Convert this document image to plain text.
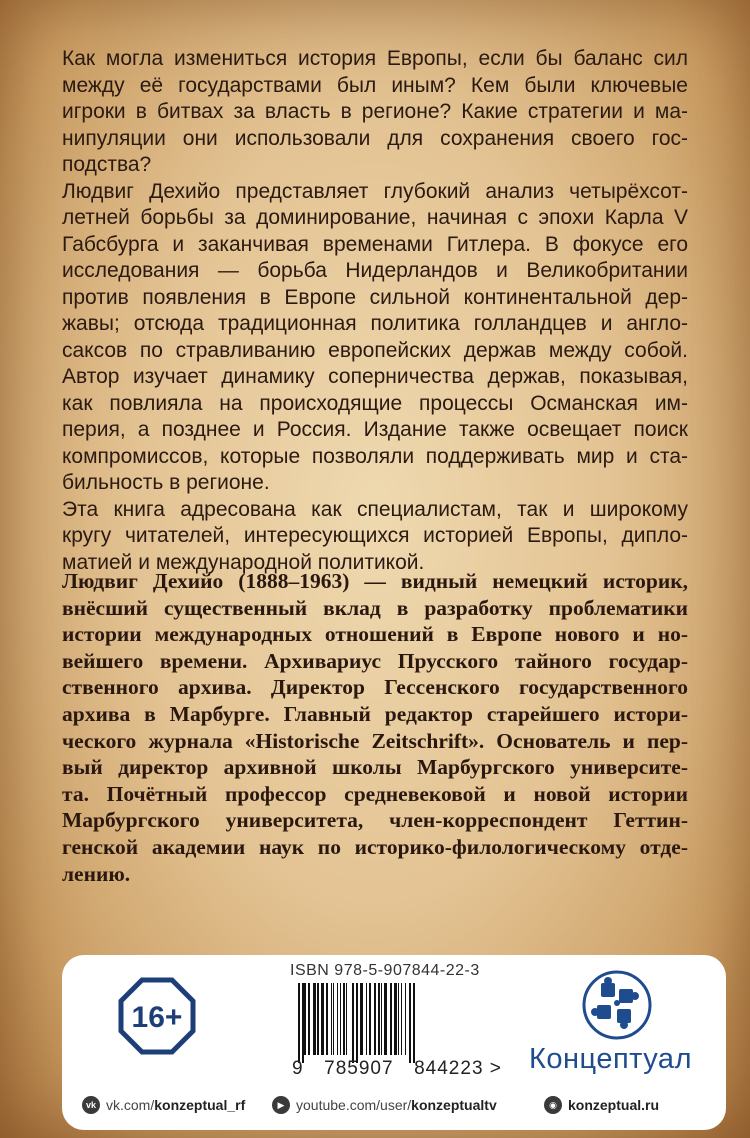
Как могла измениться история Европы, если бы баланс сил
между её государствами был иным? Кем были ключевые
игроки в битвах за власть в регионе? Какие стратегии и ма-
нипуляции они использовали для сохранения своего гос-
подства?

Людвиг Дехийо представляет глубокий анализ четырёхсот-
летней борьбы за доминирование, начиная с эпохи Карла V
Габсбурга и заканчивая временами Гитлера. В фокусе его
исследования — борьба Нидерландов и Великобритании
против появления в Европе сильной континентальной дер-
жавы; отсюда традиционная политика голландцев и англо-
саксов по стравливанию европейских держав между собой.
Автор изучает динамику соперничества держав, показывая,
как повлияла на происходящие процессы Османская им-
перия, а позднее и Россия. Издание также освещает поиск
компромиссов, которые позволяли поддерживать мир и ста-
бильность в регионе.

Эта книга адресована как специалистам, так и широкому
кругу читателей, интересующихся историей Европы, дипло-
матией и международной политикой.

Людвиг Дехийо (1888–1963) — видный немецкий историк,
внёсший существенный вклад в разработку проблематики
истории международных отношений в Европе нового и но-
вейшего времени. Архивариус Прусского тайного государ-
ственного архива. Директор Гессенского государственного
архива в Марбурге. Главный редактор старейшего истори-
ческого журнала «Historische Zeitschrift». Основатель и пер-
вый директор архивной школы Марбургского университе-
та. Почётный профессор средневековой и новой истории
Марбургского университета, член-корреспондент Геттин-
генской академии наук по историко-филологическому отде-
лению.

16+
ISBN 978-5-907844-22-3
9 785907 844223 > Концептуал
vk vk.com/ konzeptual_rf	▶ youtube.com/user/ konzeptualtv	◉ konzeptual.ru
